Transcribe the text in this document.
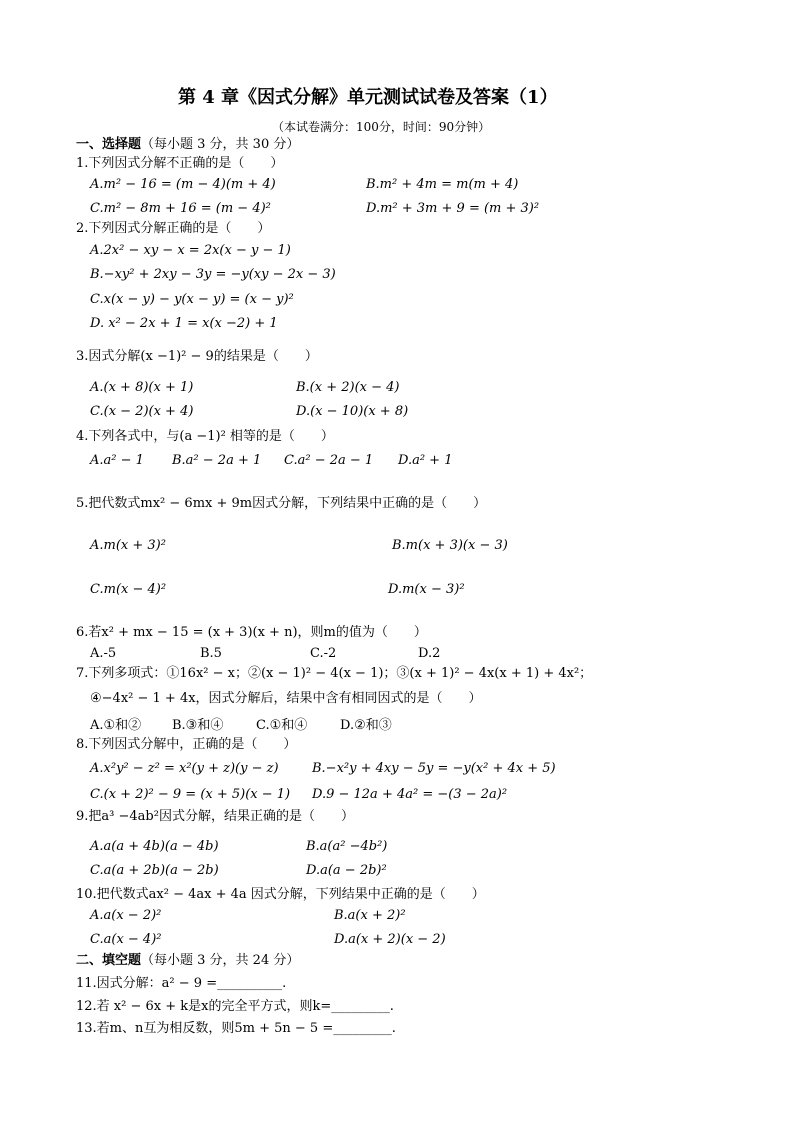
第 4 章《因式分解》单元测试试卷及答案（1）
（本试卷满分：100分，时间：90分钟）
一、选择题（每小题 3 分，共 30 分）
1.下列因式分解不正确的是（　　）
A.m² − 16 = (m − 4)(m + 4)	B.m² + 4m = m(m + 4)
C.m² − 8m + 16 = (m − 4)²	D.m² + 3m + 9 = (m + 3)²
2.下列因式分解正确的是（　　）
A.2x² − xy − x = 2x(x − y − 1)
B.−xy² + 2xy − 3y = −y(xy − 2x − 3)
C.x(x − y) − y(x − y) = (x − y)²
D. x² − 2x + 1 = x(x −2) + 1
3.因式分解(x −1)² − 9的结果是（　　）
A.(x + 8)(x + 1)	B.(x + 2)(x − 4)
C.(x − 2)(x + 4)	D.(x − 10)(x + 8)
4.下列各式中，与(a −1)² 相等的是（　　）
A.a² − 1 B.a² − 2a + 1 C.a² − 2a − 1 D.a² + 1
5.把代数式mx² − 6mx + 9m因式分解，下列结果中正确的是（　　）
A.m(x + 3)²	B.m(x + 3)(x − 3)
C.m(x − 4)²	D.m(x − 3)²
6.若x² + mx − 15 = (x + 3)(x + n)，则m的值为（　　）
A.-5	B.5	C.-2	D.2
7.下列多项式：①16x² − x；②(x − 1)² − 4(x − 1)；③(x + 1)² − 4x(x + 1) + 4x²；
④−4x² − 1 + 4x，因式分解后，结果中含有相同因式的是（　　）
A.①和② B.③和④	C.①和④	D.②和③
8.下列因式分解中，正确的是（　　）
A.x²y² − z² = x²(y + z)(y − z)	B.−x²y + 4xy − 5y = −y(x² + 4x + 5)
C.(x + 2)² − 9 = (x + 5)(x − 1) D.9 − 12a + 4a² = −(3 − 2a)²
9.把a³ −4ab²因式分解，结果正确的是（　　）
A.a(a + 4b)(a − 4b)	B.a(a² −4b²)
C.a(a + 2b)(a − 2b)	D.a(a − 2b)²
10.把代数式ax² − 4ax + 4a 因式分解，下列结果中正确的是（　　）
A.a(x − 2)²	B.a(x + 2)²
C.a(x − 4)²	D.a(x + 2)(x − 2)
二、填空题（每小题 3 分，共 24 分）
11.因式分解：a² − 9 =__________.
12.若 x² − 6x + k是x的完全平方式，则k=_________.
13.若m、n互为相反数，则5m + 5n − 5 =_________.
